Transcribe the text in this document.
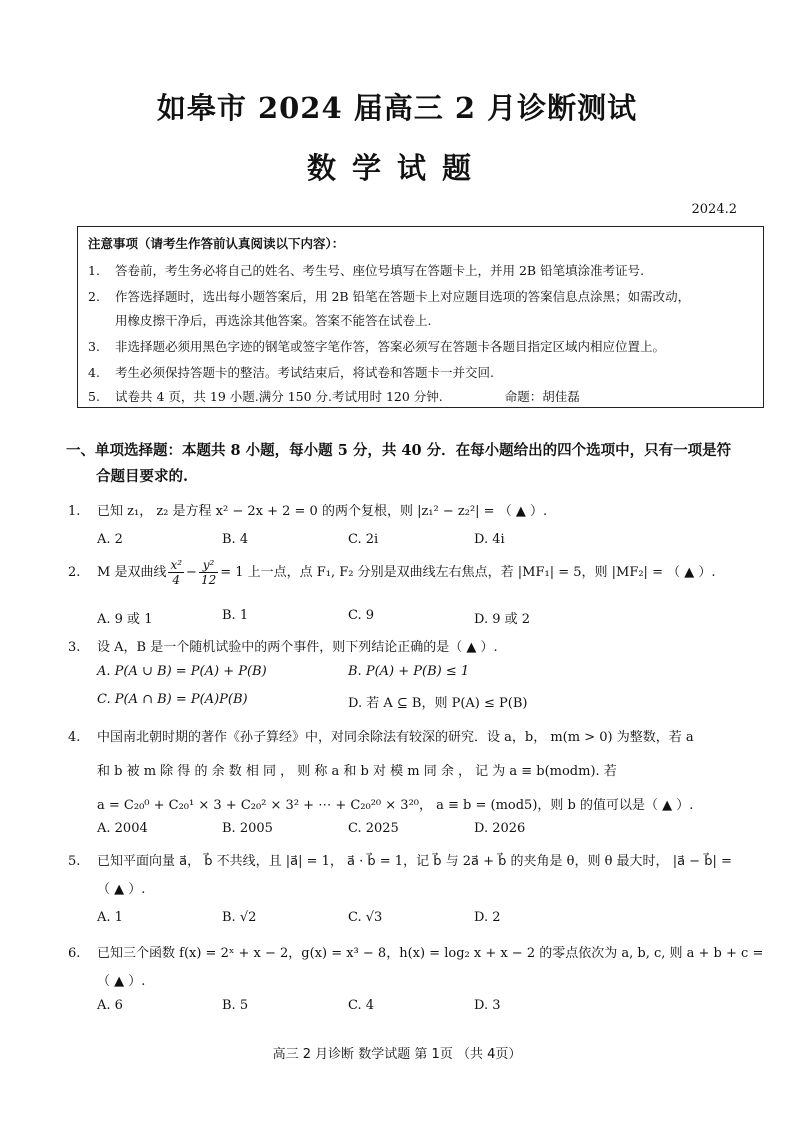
如皋市 2024 届高三 2 月诊断测试
数学试题
2024.2
注意事项（请考生作答前认真阅读以下内容）：
1. 答卷前，考生务必将自己的姓名、考生号、座位号填写在答题卡上，并用 2B 铅笔填涂准考证号.
2. 作答选择题时，选出每小题答案后，用 2B 铅笔在答题卡上对应题目选项的答案信息点涂黑；如需改动，
用橡皮擦干净后，再选涂其他答案。答案不能答在试卷上.
3. 非选择题必须用黑色字迹的钢笔或签字笔作答，答案必须写在答题卡各题目指定区域内相应位置上。
4. 考生必须保持答题卡的整洁。考试结束后，将试卷和答题卡一并交回.
5. 试卷共 4 页，共 19 小题.满分 150 分.考试用时 120 分钟.	命题：胡佳磊
一、单项选择题：本题共 8 小题，每小题 5 分，共 40 分．在每小题给出的四个选项中，只有一项是符
合题目要求的.
1. 已知 z₁， z₂ 是方程 x² − 2x + 2 = 0 的两个复根，则 |z₁² − z₂²| = （ ▲ ）.
A. 2	B. 4	C. 2i	D. 4i
2. M 是双曲线 $\frac{\text{x²}}{4} - \frac{\text{y²}}{12} = 1$ 上一点，点 F₁, F₂ 分别是双曲线左右焦点，若 |MF₁| = 5，则 |MF₂| = （ ▲ ）.
A. 9 或 1	B. 1	C. 9	D. 9 或 2
3. 设 A，B 是一个随机试验中的两个事件，则下列结论正确的是（ ▲ ）.
A. P(A ∪ B) = P(A) + P(B)	B. P(A) + P(B) ≤ 1
C. P(A ∩ B) = P(A)P(B)	D. 若 A ⊆ B，则 P(A) ≤ P(B)
4. 中国南北朝时期的著作《孙子算经》中，对同余除法有较深的研究．设 a，b， m(m > 0) 为整数，若 a
和 b 被 m 除 得 的 余 数 相 同 ， 则 称 a 和 b 对 模 m 同 余 ， 记 为 a ≡ b(modm). 若
a = C₂₀⁰ + C₂₀¹ × 3 + C₂₀² × 3² + ⋯ + C₂₀²⁰ × 3²⁰， a ≡ b = (mod5)，则 b 的值可以是（ ▲ ）.
A. 2004	B. 2005	C. 2025	D. 2026
5. 已知平面向量 a⃗， b⃗ 不共线，且 |a⃗| = 1， a⃗ · b⃗ = 1，记 b⃗ 与 2a⃗ + b⃗ 的夹角是 θ，则 θ 最大时， |a⃗ − b⃗| =
（ ▲ ）.
A. 1	B. √2	C. √3	D. 2
6. 已知三个函数 f(x) = 2ˣ + x − 2，g(x) = x³ − 8，h(x) = log₂ x + x − 2 的零点依次为 a, b, c, 则 a + b + c =
（ ▲ ）.
A. 6	B. 5	C. 4	D. 3
高三 2 月诊断 数学试题 第 1页 （共 4页）
